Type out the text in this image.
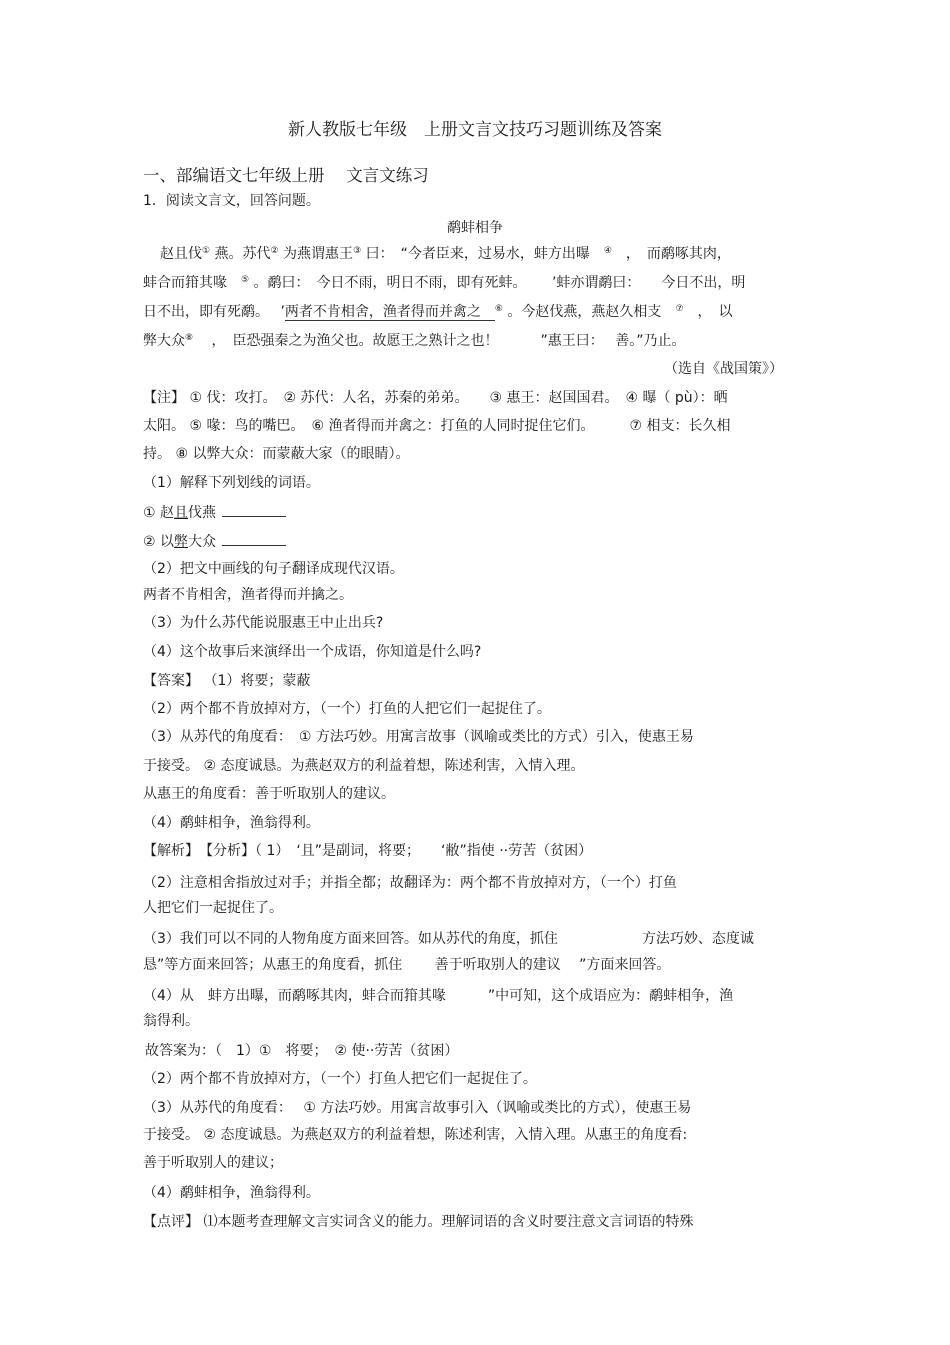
新人教版七年级　上册文言文技巧习题训练及答案
一、部编语文七年级上册　 文言文练习
1．阅读文言文，回答问题。
鹬蚌相争
赵且伐① 燕。苏代② 为燕谓惠王③ 曰：　“今者臣来，过易水，蚌方出曝　④　，　而鹬啄其肉，
蚌合而箝其喙　⑤ 。鹬曰：　今日不雨，明日不雨，即有死蚌。　　 ’蚌亦谓鹬曰：　　今日不出，明
日不出，即有死鹬。　 ’两者不肯相舍，渔者得而并禽之　 ⑥ 。今赵伐燕，燕赵久相支　⑦　，　以
弊大众⑧ 　，　臣恐强秦之为渔父也。故愿王之熟计之也！　　　”惠王曰：　 善。”乃止。
（选自《战国策》）
【注】 ① 伐：攻打。　② 苏代：人名，苏秦的弟弟。　　③ 惠王：赵国国君。　④ 曝（ pù）：晒
太阳。 ⑤ 喙：鸟的嘴巴。　⑥ 渔者得而并禽之：打鱼的人同时捉住它们。　　　⑦ 相支：长久相
持。 ⑧ 以弊大众：而蒙蔽大家（的眼睛）。
（1）解释下列划线的词语。
① 赵且伐燕
② 以弊大众
（2）把文中画线的句子翻译成现代汉语。
两者不肯相舍，渔者得而并擒之。
（3）为什么苏代能说服惠王中止出兵?
（4）这个故事后来演绎出一个成语，你知道是什么吗?
【答案】 （1）将要；蒙蔽
（2）两个都不肯放掉对方，（一个）打鱼的人把它们一起捉住了。
（3）从苏代的角度看：　① 方法巧妙。用寓言故事（讽喻或类比的方式）引入，使惠王易
于接受。 ② 态度诚恳。为燕赵双方的利益着想，陈述利害，入情入理。
从惠王的角度看：善于听取别人的建议。
（4）鹬蚌相争，渔翁得利。
【解析】　【分析】（ 1）　‘且”是副词，将要；　　‘敝”指使 ··劳苦（贫困）
（2）注意相舍指放过对手；并指全都；故翻译为：两个都不肯放掉对方，（一个）打鱼
人把它们一起捉住了。
（3）我们可以不同的人物角度方面来回答。如从苏代的角度，抓住　　　　　　方法巧妙、态度诚
恳”等方面来回答；从惠王的角度看，抓住　　 善于听取别人的建议　 ”方面来回答。
（4）从　蚌方出曝，而鹬啄其肉，蚌合而箝其喙　　　”中可知，这个成语应为：鹬蚌相争，渔
翁得利。
故答案为：（　1）①　将要；　② 使··劳苦（贫困）
（2）两个都不肯放掉对方，（一个）打鱼人把它们一起捉住了。
（3）从苏代的角度看：　 ① 方法巧妙。用寓言故事引入（讽喻或类比的方式），使惠王易
于接受。 ② 态度诚恳。为燕赵双方的利益着想，陈述利害，入情入理。从惠王的角度看:
善于听取别人的建议；
（4）鹬蚌相争，渔翁得利。
【点评】 ⑴本题考查理解文言实词含义的能力。理解词语的含义时要注意文言词语的特殊
